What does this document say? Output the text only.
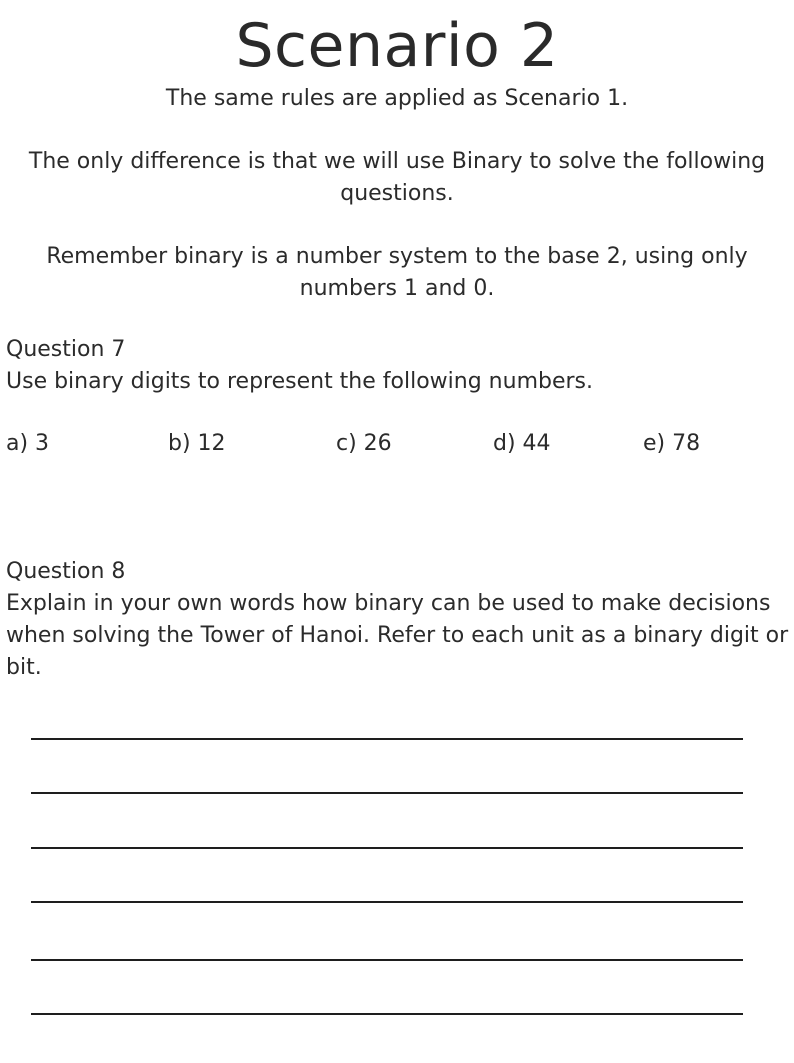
Scenario 2
The same rules are applied as Scenario 1.
The only difference is that we will use Binary to solve the following questions.
Remember binary is a number system to the base 2, using only numbers 1 and 0.
Question 7
Use binary digits to represent the following numbers.
a) 3	b) 12	c) 26	d) 44	e) 78
Question 8
Explain in your own words how binary can be used to make decisions when solving the Tower of Hanoi. Refer to each unit as a binary digit or bit.
